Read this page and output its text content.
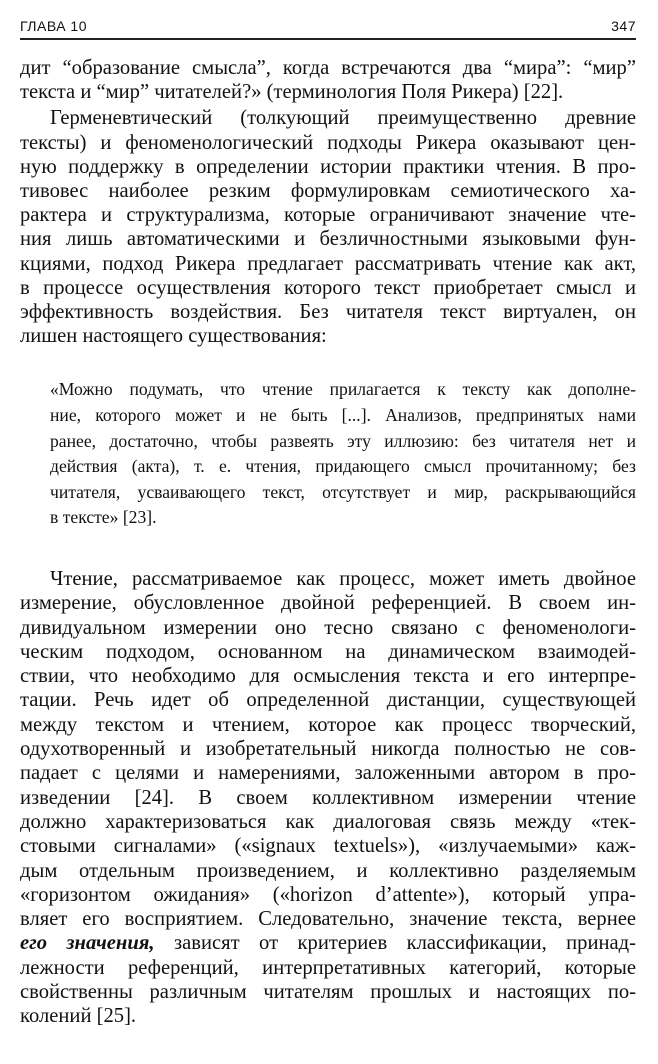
ГЛАВА 10	347
дит “образование смысла”, когда встречаются два “мира”: “мир”
текста и “мир” читателей?» (терминология Поля Рикера) [22].
Герменевтический (толкующий преимущественно древние
тексты) и феноменологический подходы Рикера оказывают цен-
ную поддержку в определении истории практики чтения. В про-
тивовес наиболее резким формулировкам семиотического ха-
рактера и структурализма, которые ограничивают значение чте-
ния лишь автоматическими и безличностными языковыми фун-
кциями, подход Рикера предлагает рассматривать чтение как акт,
в процессе осуществления которого текст приобретает смысл и
эффективность воздействия. Без читателя текст виртуален, он
лишен настоящего существования:
«Можно подумать, что чтение прилагается к тексту как дополне-
ние, которого может и не быть [...]. Анализов, предпринятых нами
ранее, достаточно, чтобы развеять эту иллюзию: без читателя нет и
действия (акта), т. е. чтения, придающего смысл прочитанному; без
читателя, усваивающего текст, отсутствует и мир, раскрывающийся
в тексте» [23].
Чтение, рассматриваемое как процесс, может иметь двойное
измерение, обусловленное двойной референцией. В своем ин-
дивидуальном измерении оно тесно связано с феноменологи-
ческим подходом, основанном на динамическом взаимодей-
ствии, что необходимо для осмысления текста и его интерпре-
тации. Речь идет об определенной дистанции, существующей
между текстом и чтением, которое как процесс творческий,
одухотворенный и изобретательный никогда полностью не сов-
падает с целями и намерениями, заложенными автором в про-
изведении [24]. В своем коллективном измерении чтение
должно характеризоваться как диалоговая связь между «тек-
стовыми сигналами» («signaux textuels»), «излучаемыми» каж-
дым отдельным произведением, и коллективно разделяемым
«горизонтом ожидания» («horizon d’attente»), который упра-
вляет его восприятием. Следовательно, значение текста, вернее
его значения, зависят от критериев классификации, принад-
лежности референций, интерпретативных категорий, которые
свойственны различным читателям прошлых и настоящих по-
колений [25].
